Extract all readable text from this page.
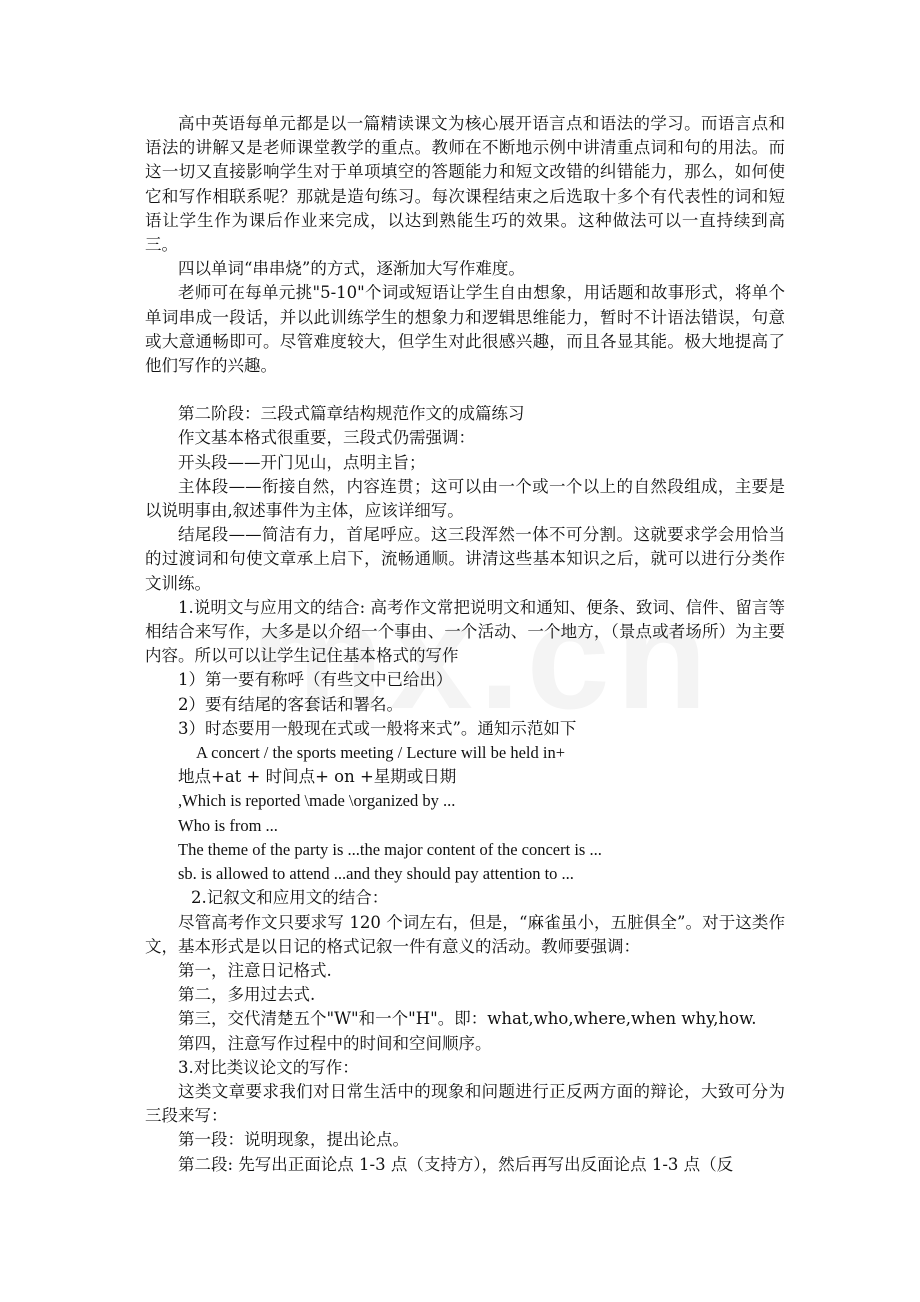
高中英语每单元都是以一篇精读课文为核心展开语言点和语法的学习。而语言点和语法的讲解又是老师课堂教学的重点。教师在不断地示例中讲清重点词和句的用法。而这一切又直接影响学生对于单项填空的答题能力和短文改错的纠错能力，那么，如何使它和写作相联系呢？那就是造句练习。每次课程结束之后选取十多个有代表性的词和短语让学生作为课后作业来完成，以达到熟能生巧的效果。这种做法可以一直持续到高三。

四以单词“串串烧”的方式，逐渐加大写作难度。

老师可在每单元挑"5-10"个词或短语让学生自由想象，用话题和故事形式，将单个单词串成一段话，并以此训练学生的想象力和逻辑思维能力，暂时不计语法错误，句意或大意通畅即可。尽管难度较大，但学生对此很感兴趣，而且各显其能。极大地提高了他们写作的兴趣。

第二阶段：三段式篇章结构规范作文的成篇练习

作文基本格式很重要，三段式仍需强调：

开头段——开门见山，点明主旨；

主体段——衔接自然，内容连贯；这可以由一个或一个以上的自然段组成，主要是以说明事由,叙述事件为主体，应该详细写。

结尾段——简洁有力，首尾呼应。这三段浑然一体不可分割。这就要求学会用恰当的过渡词和句使文章承上启下，流畅通顺。讲清这些基本知识之后，就可以进行分类作文训练。

1.说明文与应用文的结合: 高考作文常把说明文和通知、便条、致词、信件、留言等相结合来写作，大多是以介绍一个事由、一个活动、一个地方，（景点或者场所）为主要内容。所以可以让学生记住基本格式的写作

1）第一要有称呼（有些文中已给出）

2）要有结尾的客套话和署名。

3）时态要用一般现在式或一般将来式”。通知示范如下

A concert / the sports meeting / Lecture will be held in+

地点+at + 时间点+ on +星期或日期

,Which is reported \made \organized by ...

Who is from ...

The theme of the party is ...the major content of the concert is ...

sb. is allowed to attend ...and they should pay attention to ...

2.记叙文和应用文的结合：

尽管高考作文只要求写 120 个词左右，但是，“麻雀虽小，五脏俱全”。对于这类作文，基本形式是以日记的格式记叙一件有意义的活动。教师要强调：

第一，注意日记格式.

第二，多用过去式.

第三，交代清楚五个"W"和一个"H"。即：what,who,where,when why,how.

第四，注意写作过程中的时间和空间顺序。

3.对比类议论文的写作：

这类文章要求我们对日常生活中的现象和问题进行正反两方面的辩论，大致可分为三段来写：

第一段：说明现象，提出论点。

第二段: 先写出正面论点 1-3 点（支持方），然后再写出反面论点 1-3 点（反
